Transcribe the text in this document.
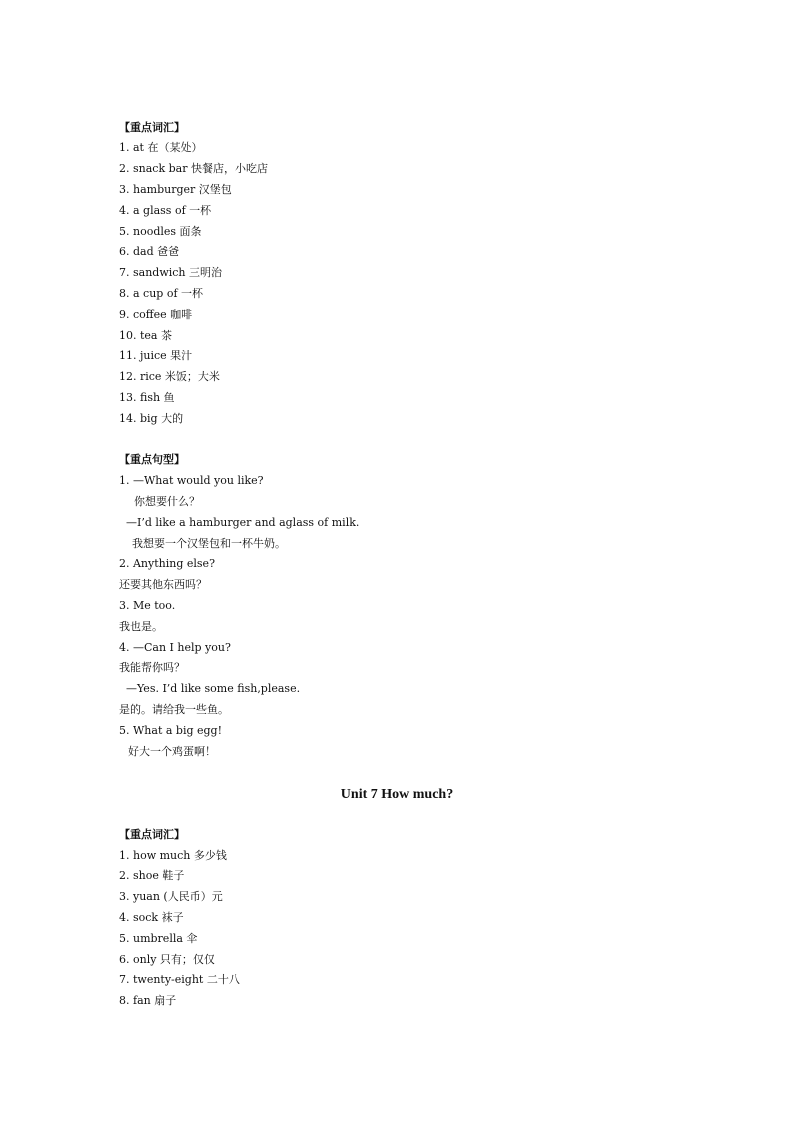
【重点词汇】
1. at 在（某处）
2. snack bar 快餐店，小吃店
3. hamburger 汉堡包
4. a glass of 一杯
5. noodles 面条
6. dad 爸爸
7. sandwich 三明治
8. a cup of 一杯
9. coffee 咖啡
10. tea 茶
11. juice 果汁
12. rice 米饭；大米
13. fish 鱼
14. big 大的
【重点句型】
1. —What would you like?
你想要什么？
—I’d like a hamburger and aglass of milk.
我想要一个汉堡包和一杯牛奶。
2. Anything else?
还要其他东西吗？
3. Me too.
我也是。
4. —Can I help you?
我能帮你吗？
—Yes. I’d like some fish,please.
是的。请给我一些鱼。
5. What a big egg!
好大一个鸡蛋啊！
Unit 7 How much?
【重点词汇】
1. how much 多少钱
2. shoe 鞋子
3. yuan (人民币）元
4. sock 袜子
5. umbrella 伞
6. only 只有；仅仅
7. twenty-eight 二十八
8. fan 扇子
